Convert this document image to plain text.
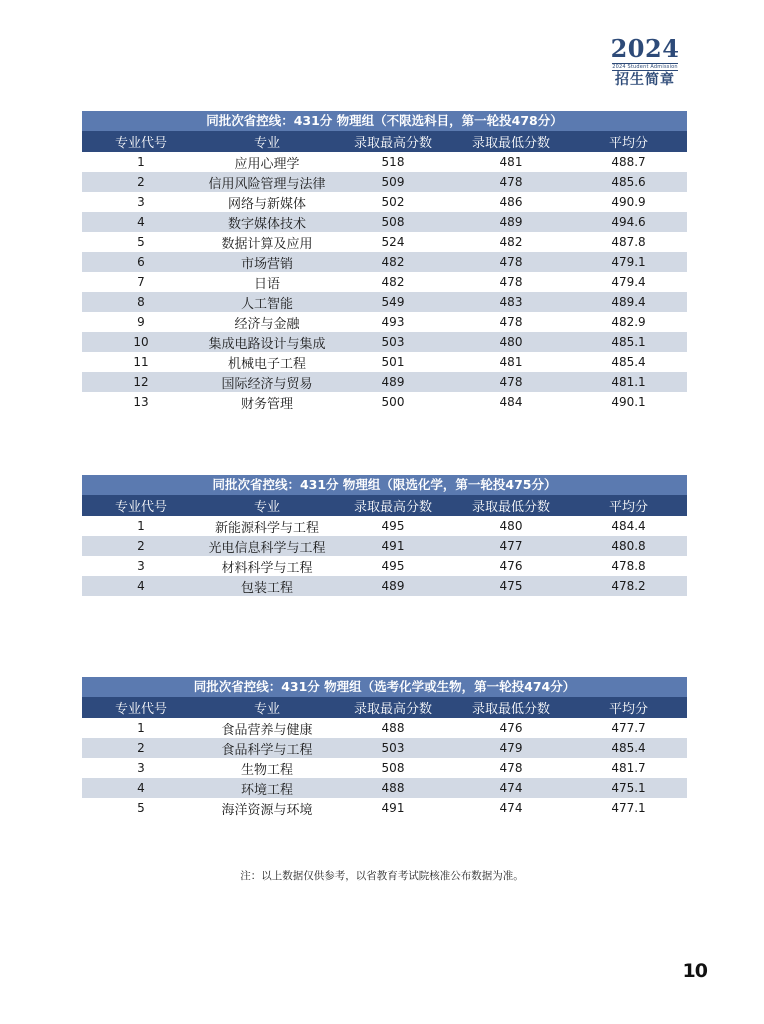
2024
2024 Student Admission
招生简章
同批次省控线：431分 物理组（不限选科目，第一轮投478分）
专业代号	专业	录取最高分数	录取最低分数	平均分
1	应用心理学	518	481	488.7
2	信用风险管理与法律	509	478	485.6
3	网络与新媒体	502	486	490.9
4	数字媒体技术	508	489	494.6
5	数据计算及应用	524	482	487.8
6	市场营销	482	478	479.1
7	日语	482	478	479.4
8	人工智能	549	483	489.4
9	经济与金融	493	478	482.9
10	集成电路设计与集成	503	480	485.1
11	机械电子工程	501	481	485.4
12	国际经济与贸易	489	478	481.1
13	财务管理	500	484	490.1
同批次省控线：431分 物理组（限选化学，第一轮投475分）
专业代号	专业	录取最高分数	录取最低分数	平均分
1	新能源科学与工程	495	480	484.4
2	光电信息科学与工程	491	477	480.8
3	材料科学与工程	495	476	478.8
4	包装工程	489	475	478.2
同批次省控线：431分 物理组（选考化学或生物，第一轮投474分）
专业代号	专业	录取最高分数	录取最低分数	平均分
1	食品营养与健康	488	476	477.7
2	食品科学与工程	503	479	485.4
3	生物工程	508	478	481.7
4	环境工程	488	474	475.1
5	海洋资源与环境	491	474	477.1
注：以上数据仅供参考，以省教育考试院核准公布数据为准。
10
